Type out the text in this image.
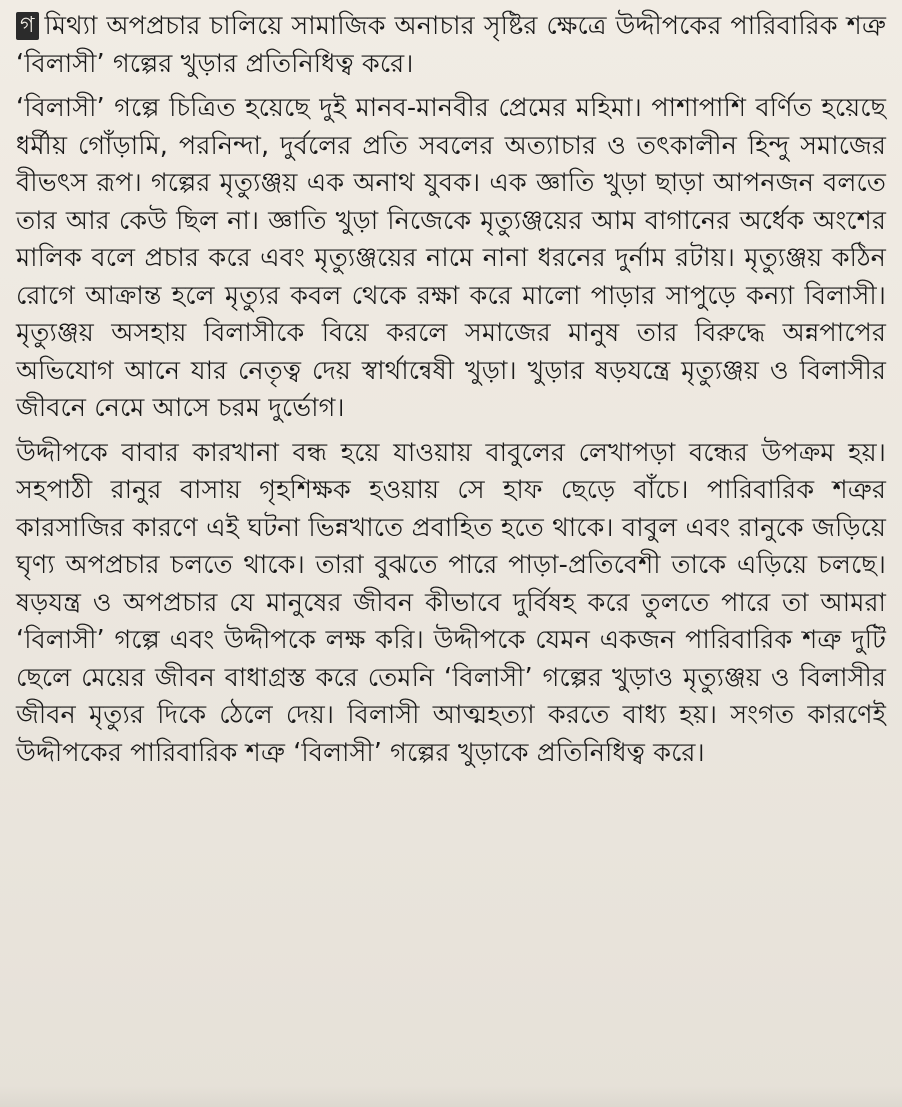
গ মিথ্যা অপপ্রচার চালিয়ে সামাজিক অনাচার সৃষ্টির ক্ষেত্রে উদ্দীপকের পারিবারিক শত্রু ‘বিলাসী’ গল্পের খুড়ার প্রতিনিধিত্ব করে।

‘বিলাসী’ গল্পে চিত্রিত হয়েছে দুই মানব-মানবীর প্রেমের মহিমা। পাশাপাশি বর্ণিত হয়েছে ধর্মীয় গোঁড়ামি, পরনিন্দা, দুর্বলের প্রতি সবলের অত্যাচার ও তৎকালীন হিন্দু সমাজের বীভৎস রূপ। গল্পের মৃত্যুঞ্জয় এক অনাথ যুবক। এক জ্ঞাতি খুড়া ছাড়া আপনজন বলতে তার আর কেউ ছিল না। জ্ঞাতি খুড়া নিজেকে মৃত্যুঞ্জয়ের আম বাগানের অর্ধেক অংশের মালিক বলে প্রচার করে এবং মৃত্যুঞ্জয়ের নামে নানা ধরনের দুর্নাম রটায়। মৃত্যুঞ্জয় কঠিন রোগে আক্রান্ত হলে মৃত্যুর কবল থেকে রক্ষা করে মালো পাড়ার সাপুড়ে কন্যা বিলাসী। মৃত্যুঞ্জয় অসহায় বিলাসীকে বিয়ে করলে সমাজের মানুষ তার বিরুদ্ধে অন্নপাপের অভিযোগ আনে যার নেতৃত্ব দেয় স্বার্থান্বেষী খুড়া। খুড়ার ষড়যন্ত্রে মৃত্যুঞ্জয় ও বিলাসীর জীবনে নেমে আসে চরম দুর্ভোগ।

উদ্দীপকে বাবার কারখানা বন্ধ হয়ে যাওয়ায় বাবুলের লেখাপড়া বন্ধের উপক্রম হয়। সহপাঠী রানুর বাসায় গৃহশিক্ষক হওয়ায় সে হাফ ছেড়ে বাঁচে। পারিবারিক শত্রুর কারসাজির কারণে এই ঘটনা ভিন্নখাতে প্রবাহিত হতে থাকে। বাবুল এবং রানুকে জড়িয়ে ঘৃণ্য অপপ্রচার চলতে থাকে। তারা বুঝতে পারে পাড়া-প্রতিবেশী তাকে এড়িয়ে চলছে। ষড়যন্ত্র ও অপপ্রচার যে মানুষের জীবন কীভাবে দুর্বিষহ করে তুলতে পারে তা আমরা ‘বিলাসী’ গল্পে এবং উদ্দীপকে লক্ষ করি। উদ্দীপকে যেমন একজন পারিবারিক শত্রু দুটি ছেলে মেয়ের জীবন বাধাগ্রস্ত করে তেমনি ‘বিলাসী’ গল্পের খুড়াও মৃত্যুঞ্জয় ও বিলাসীর জীবন মৃত্যুর দিকে ঠেলে দেয়। বিলাসী আত্মহত্যা করতে বাধ্য হয়। সংগত কারণেই উদ্দীপকের পারিবারিক শত্রু ‘বিলাসী’ গল্পের খুড়াকে প্রতিনিধিত্ব করে।
